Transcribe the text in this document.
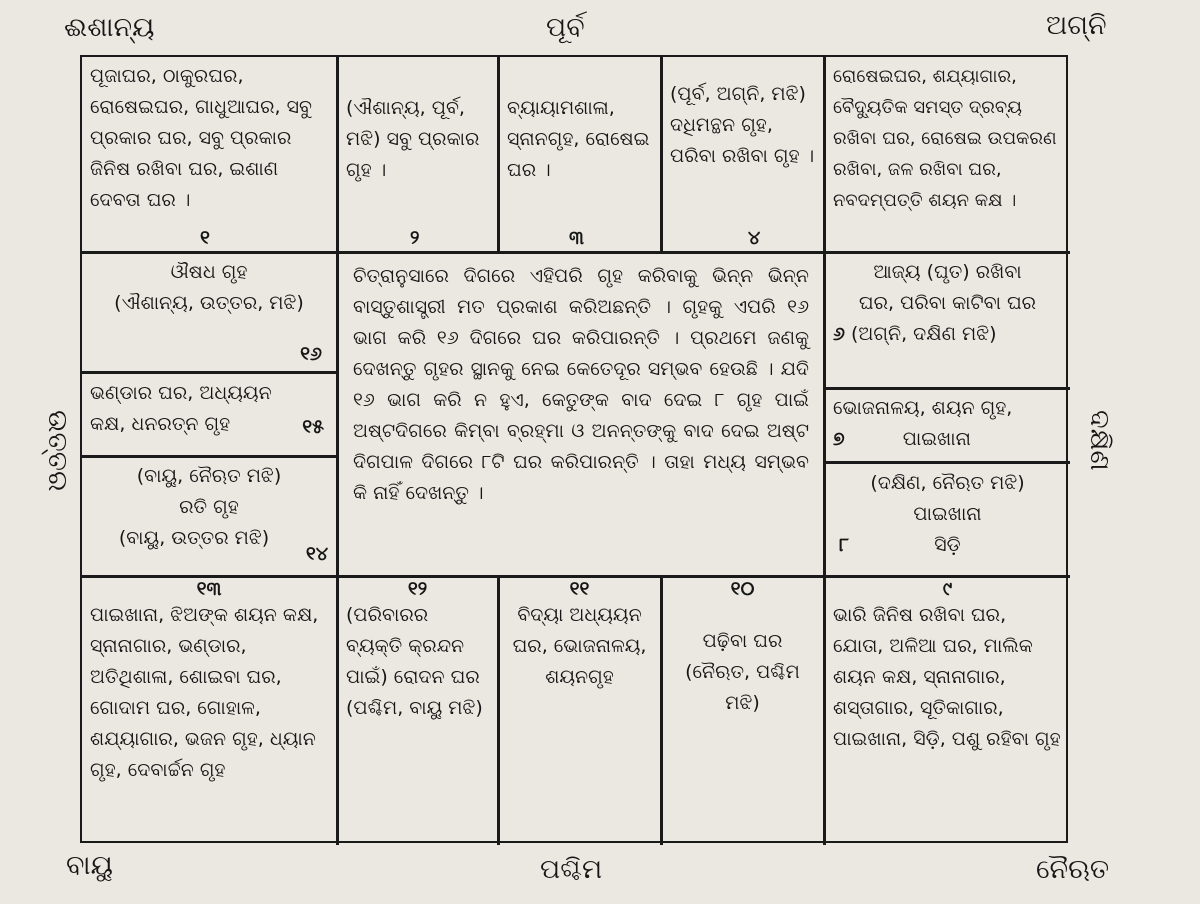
ଈଶାନ୍ୟ	ପୂର୍ବ	ଅଗ୍ନି
ଉତ୍ତର	ଦକ୍ଷିଣ
ବାୟୁ	ପଶ୍ଚିମ	ନୈଋତ
ପୂଜାଘର, ଠାକୁରଘର, ରୋଷେଇଘର, ଗାଧୁଆଘର, ସବୁ ପ୍ରକାର ଘର, ସବୁ ପ୍ରକାର ଜିନିଷ ରଖିବା ଘର, ଇଶାଣ ଦେବତା ଘର ।
୧
(ଐଶାନ୍ୟ, ପୂର୍ବ, ମଝି) ସବୁ ପ୍ରକାର ଗୃହ ।
୨
ବ୍ୟାୟାମଶାଳା, ସ୍ନାନଗୃହ, ରୋଷେଇ ଘର ।
୩
(ପୂର୍ବ, ଅଗ୍ନି, ମଝି) ଦଧିମନ୍ଥନ ଗୃହ, ପରିବା ରଖିବା ଗୃହ ।
୪
ରୋଷେଇଘର, ଶଯ୍ୟାଗାର, ବୈଦ୍ୟୁତିକ ସମସ୍ତ ଦ୍ରବ୍ୟ ରଖିବା ଘର, ରୋଷେଇ ଉପକରଣ ରଖିବା, ଜଳ ରଖିବା ଘର, ନବଦମ୍ପତ୍ତି ଶୟନ କକ୍ଷ ।
ଔଷଧ ଗୃହ
(ଐଶାନ୍ୟ, ଉତ୍ତର, ମଝି)
୧୬
ଭଣ୍ଡାର ଘର, ଅଧ୍ୟୟନ
କକ୍ଷ, ଧନରତ୍ନ ଗୃହ	୧୫
(ବାୟୁ, ନୈଋତ ମଝି)
ରତି ଗୃହ
(ବାୟୁ, ଉତ୍ତର ମଝି)
୧୪
ଚିତ୍ରାନୁସାରେ ଦିଗରେ ଏହିପରି ଗୃହ କରିବାକୁ ଭିନ୍ନ ଭିନ୍ନ ବାସ୍ତୁଶାସ୍ତ୍ରୀ ମତ ପ୍ରକାଶ କରିଅଛନ୍ତି । ଗୃହକୁ ଏପରି ୧୬ ଭାଗ କରି ୧୬ ଦିଗରେ ଘର କରିପାରନ୍ତି । ପ୍ରଥମେ ଜଣକୁ ଦେଖନ୍ତୁ ଗୃହର ସ୍ଥାନକୁ ନେଇ କେତେଦୂର ସମ୍ଭବ ହେଉଛି । ଯଦି ୧୬ ଭାଗ କରି ନ ହୁଏ, କେତୁଙ୍କ ବାଦ ଦେଇ ୮ ଗୃହ ପାଇଁ ଅଷ୍ଟଦିଗରେ କିମ୍ବା ବ୍ରହ୍ମା ଓ ଅନନ୍ତଙ୍କୁ ବାଦ ଦେଇ ଅଷ୍ଟ ଦିଗପାଳ ଦିଗରେ ୮ଟି ଘର କରିପାରନ୍ତି । ତାହା ମଧ୍ୟ ସମ୍ଭବ କି ନାହିଁ ଦେଖନ୍ତୁ ।
ଆଜ୍ୟ (ଘୃତ) ରଖିବା
ଘର, ପରିବା କାଟିବା ଘର
୬ (ଅଗ୍ନି, ଦକ୍ଷିଣ ମଝି)
ଭୋଜନାଳୟ, ଶୟନ ଗୃହ,
୭	ପାଇଖାନା
(ଦକ୍ଷିଣ, ନୈଋତ ମଝି)
ପାଇଖାନା
୮	ସିଡ଼ି
୧୩
ପାଇଖାନା, ଝିଅଙ୍କ ଶୟନ କକ୍ଷ, ସ୍ନାନାଗାର, ଭଣ୍ଡାର, ଅତିଥିଶାଳା, ଶୋଇବା ଘର, ଗୋଦାମ ଘର, ଗୋହାଳ, ଶଯ୍ୟାଗାର, ଭଜନ ଗୃହ, ଧ୍ୟାନ ଗୃହ, ଦେବାର୍ଚ୍ଚନ ଗୃହ
୧୨
(ପରିବାରର ବ୍ୟକ୍ତି କ୍ରନ୍ଦନ ପାଇଁ) ରୋଦନ ଘର (ପଶ୍ଚିମ, ବାୟୁ ମଝି)
୧୧
ବିଦ୍ୟା ଅଧ୍ୟୟନ ଘର, ଭୋଜନାଳୟ, ଶୟନଗୃହ
୧୦
ପଢ଼ିବା ଘର (ନୈଋତ, ପଶ୍ଚିମ ମଝି)
୯
ଭାରି ଜିନିଷ ରଖିବା ଘର, ଯୋତା, ଅଳିଆ ଘର, ମାଲିକ ଶୟନ କକ୍ଷ, ସ୍ନାନାଗାର, ଶସ୍ତାଗାର, ସୂତିକାଗାର, ପାଇଖାନା, ସିଡ଼ି, ପଶୁ ରହିବା ଗୃହ
